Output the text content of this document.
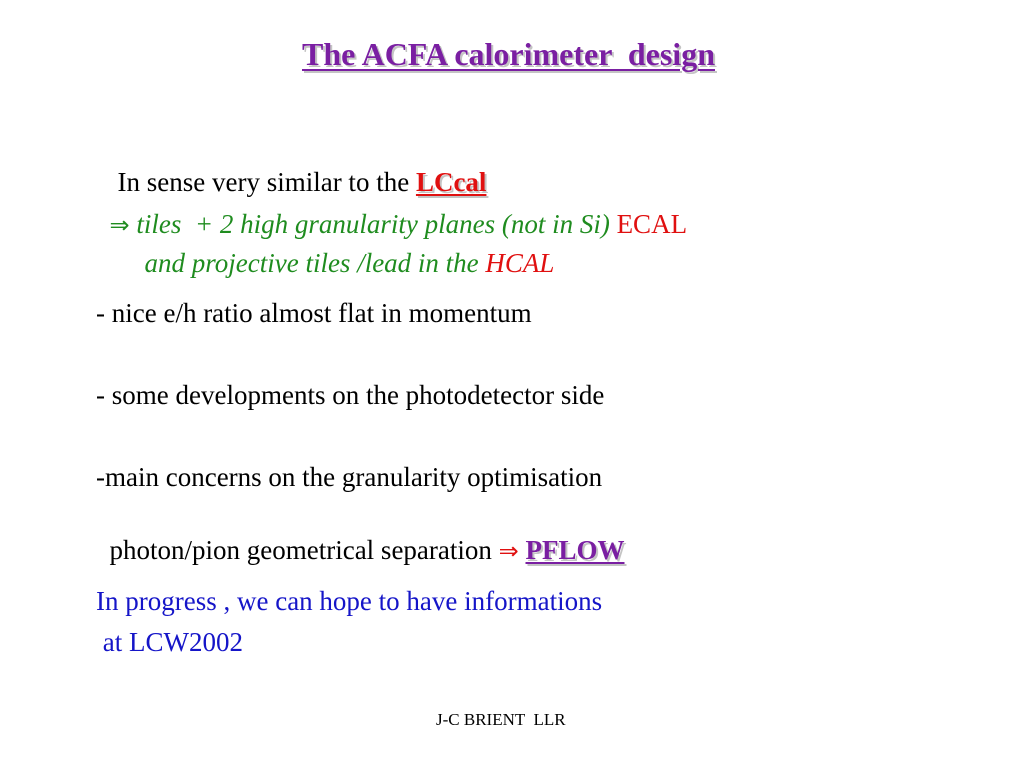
The ACFA calorimeter  design

In sense very similar to the LCcal

⇒ tiles  + 2 high granularity planes (not in Si) ECAL

and projective tiles /lead in the HCAL

- nice e/h ratio almost flat in momentum
- some developments on the photodetector side
-main concerns on the granularity optimisation

photon/pion geometrical separation ⇒ PFLOW

In progress , we can hope to have informations
at LCW2002
J-C BRIENT  LLR
